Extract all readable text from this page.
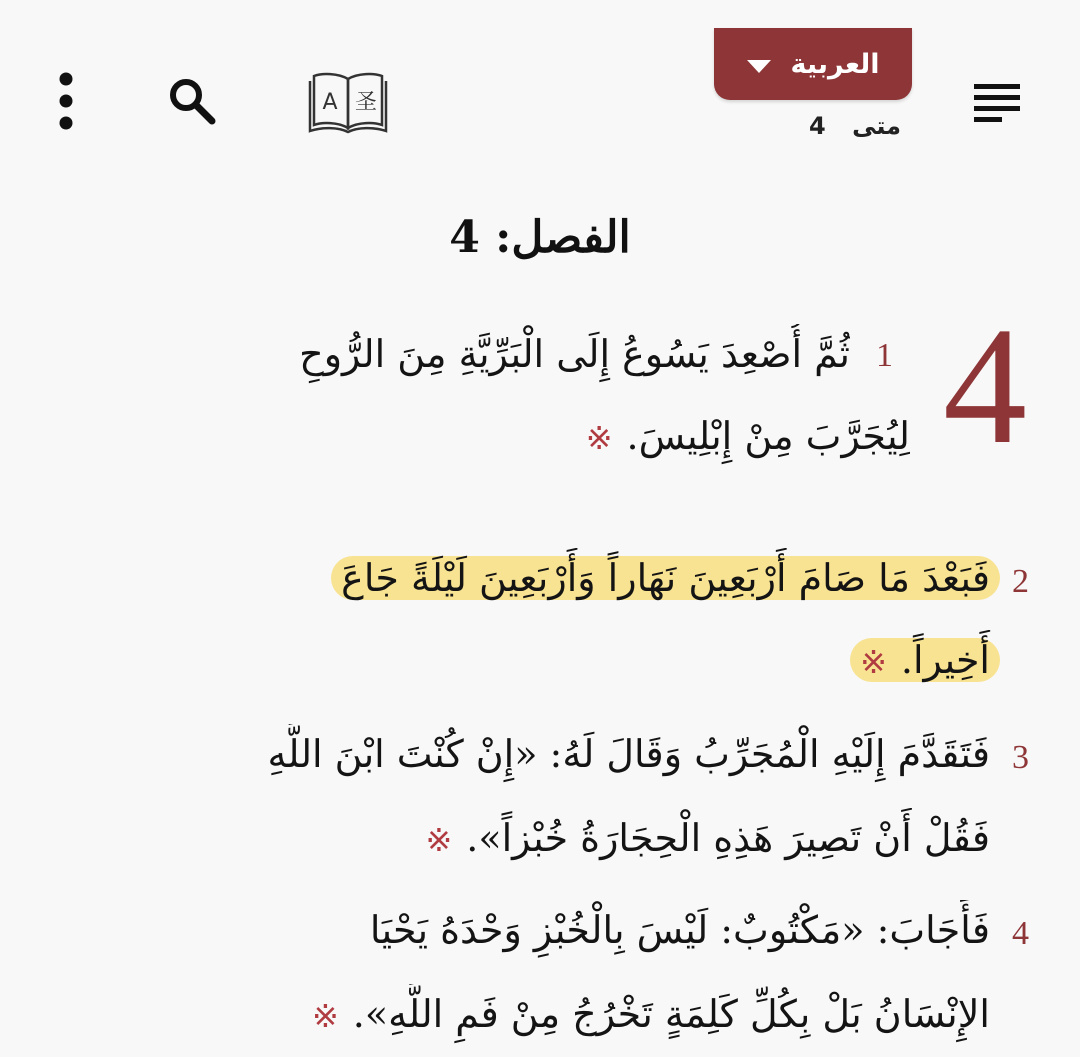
A 圣
العربية
متى 4
الفصل: 4
4
1
ثُمَّ أُصْعِدَ يَسُوعُ إِلَى الْبَرِّيَّةِ مِنَ الرُّوحِ
لِيُجَرَّبَ مِنْ إِبْلِيسَ.※
2
فَبَعْدَ مَا صَامَ أَرْبَعِينَ نَهَاراً وَأَرْبَعِينَ لَيْلَةً جَاعَ
أَخِيراً.※
3
فَتَقَدَّمَ إِلَيْهِ الْمُجَرِّبُ وَقَالَ لَهُ: «إِنْ كُنْتَ ابْنَ اللَّهِ
فَقُلْ أَنْ تَصِيرَ هَذِهِ الْحِجَارَةُ خُبْزاً».※
4
فَأَجَابَ: «مَكْتُوبٌ: لَيْسَ بِالْخُبْزِ وَحْدَهُ يَحْيَا
الإِنْسَانُ بَلْ بِكُلِّ كَلِمَةٍ تَخْرُجُ مِنْ فَمِ اللَّهِ».※
